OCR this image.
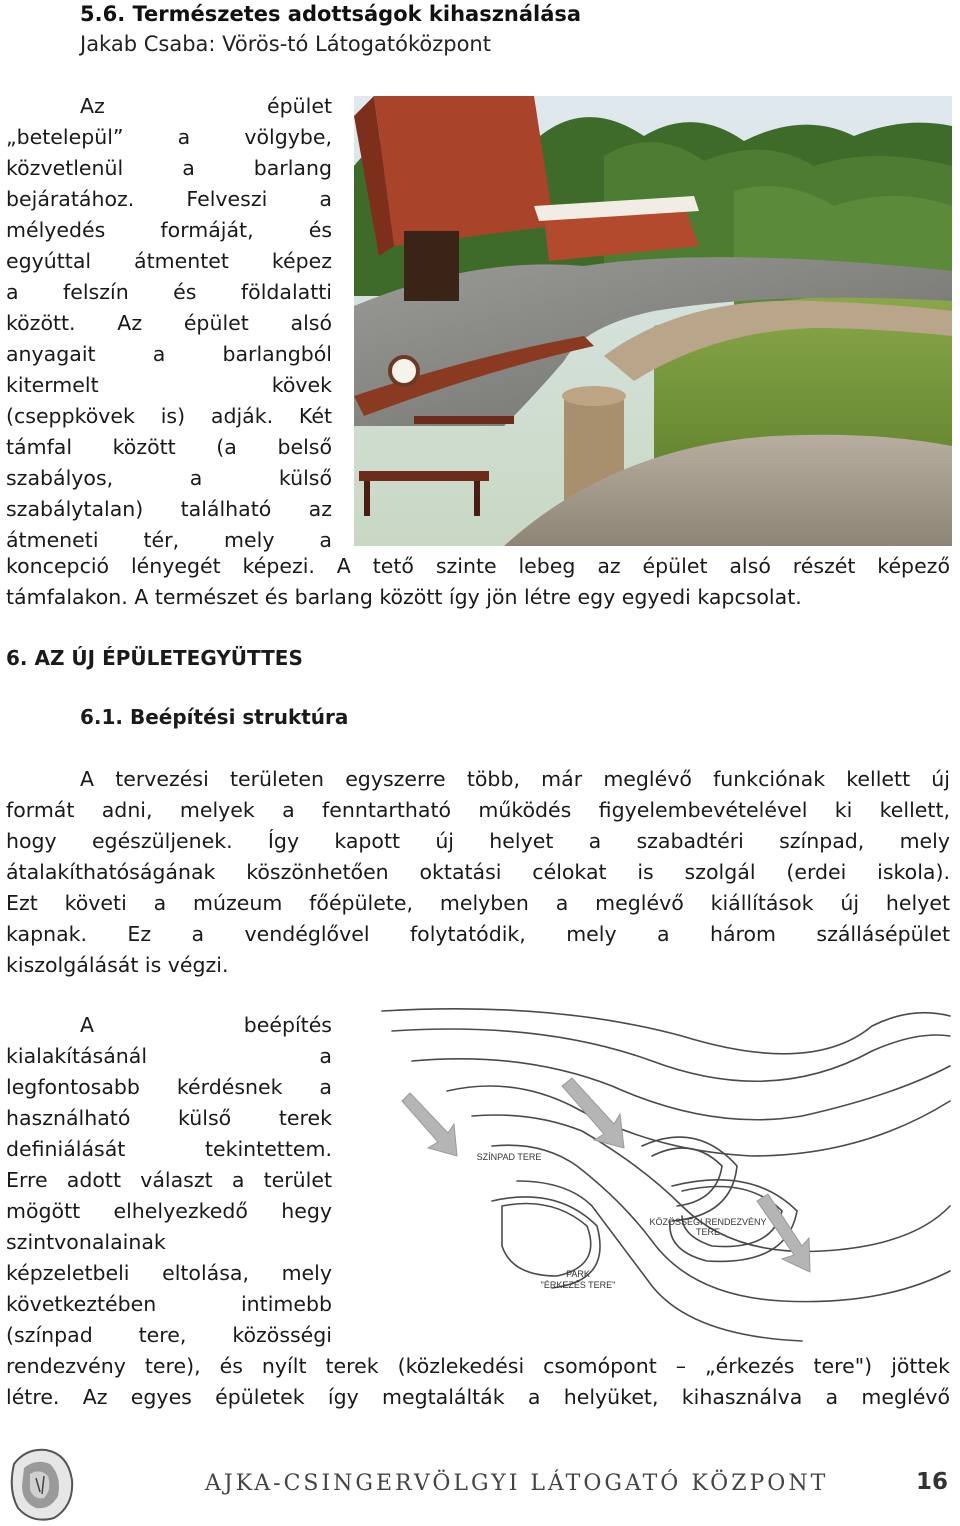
5.6. Természetes adottságok kihasználása
Jakab Csaba: Vörös-tó Látogatóközpont
Az épület
„betelepül” a völgybe,
közvetlenül a barlang
bejáratához. Felveszi a
mélyedés formáját, és
egyúttal átmentet képez
a felszín és földalatti
között. Az épület alsó
anyagait a barlangból
kitermelt kövek
(cseppkövek is) adják. Két
támfal között (a belső
szabályos, a külső
szabálytalan) található az
átmeneti tér, mely a
koncepció lényegét képezi. A tető szinte lebeg az épület alsó részét képező
támfalakon. A természet és barlang között így jön létre egy egyedi kapcsolat.
6. AZ ÚJ ÉPÜLETEGYÜTTES
6.1. Beépítési struktúra
A tervezési területen egyszerre több, már meglévő funkciónak kellett új
formát adni, melyek a fenntartható működés figyelembevételével ki kellett,
hogy egészüljenek. Így kapott új helyet a szabadtéri színpad, mely
átalakíthatóságának köszönhetően oktatási célokat is szolgál (erdei iskola).
Ezt követi a múzeum főépülete, melyben a meglévő kiállítások új helyet
kapnak. Ez a vendéglővel folytatódik, mely a három szállásépület
kiszolgálását is végzi.
A beépítés
kialakításánál a
legfontosabb kérdésnek a
használható külső terek
definiálását tekintettem.
Erre adott választ a terület
mögött elhelyezkedő hegy
szintvonalainak
képzeletbeli eltolása, mely
következtében intimebb
(színpad tere, közösségi
SZÍNPAD TERE
KÖZÖSSÉGI RENDEZVÉNY
TERE
PARK
"ÉRKEZÉS TERE"
rendezvény tere), és nyílt terek (közlekedési csomópont – „érkezés tere") jöttek
létre. Az egyes épületek így megtalálták a helyüket, kihasználva a meglévő
AJKA-CSINGERVÖLGYI LÁTOGATÓ KÖZPONT	16
